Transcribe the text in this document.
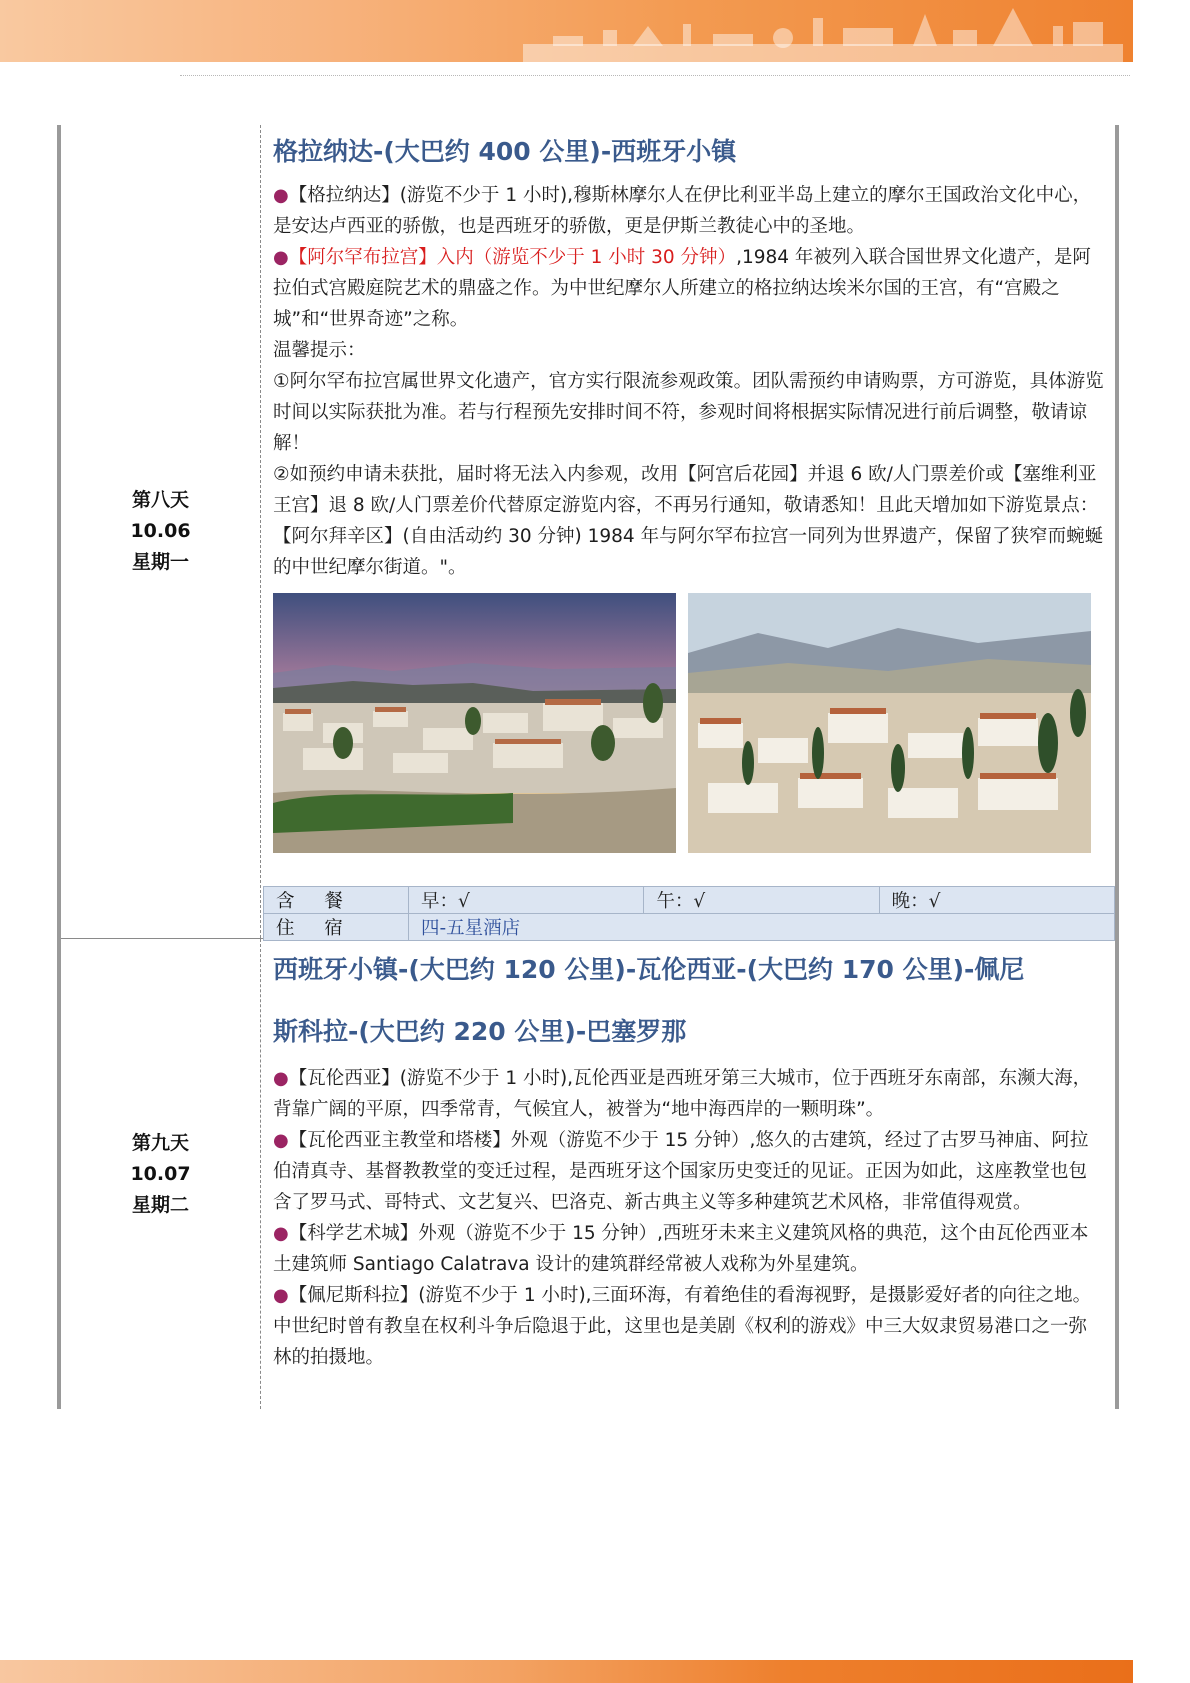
第八天
10.06
星期一
格拉纳达-(大巴约 400 公里)-西班牙小镇

●【格拉纳达】(游览不少于 1 小时),穆斯林摩尔人在伊比利亚半岛上建立的摩尔王国政治文化中心，是安达卢西亚的骄傲，也是西班牙的骄傲，更是伊斯兰教徒心中的圣地。

●【阿尔罕布拉宫】入内（游览不少于 1 小时 30 分钟）,1984 年被列入联合国世界文化遗产，是阿拉伯式宫殿庭院艺术的鼎盛之作。为中世纪摩尔人所建立的格拉纳达埃米尔国的王宫，有“宫殿之城”和“世界奇迹”之称。

温馨提示：

①阿尔罕布拉宫属世界文化遗产，官方实行限流参观政策。团队需预约申请购票，方可游览，具体游览时间以实际获批为准。若与行程预先安排时间不符，参观时间将根据实际情况进行前后调整，敬请谅解！

②如预约申请未获批，届时将无法入内参观，改用【阿宫后花园】并退 6 欧/人门票差价或【塞维利亚王宫】退 8 欧/人门票差价代替原定游览内容，不再另行通知，敬请悉知！且此天增加如下游览景点：【阿尔拜辛区】(自由活动约 30 分钟) 1984 年与阿尔罕布拉宫一同列为世界遗产，保留了狭窄而蜿蜒的中世纪摩尔街道。"。

含 餐	早：√	午：√	晚：√
住 宿	四-五星酒店		
第九天
10.07
星期二
西班牙小镇-(大巴约 120 公里)-瓦伦西亚-(大巴约 170 公里)-佩尼
斯科拉-(大巴约 220 公里)-巴塞罗那

●【瓦伦西亚】(游览不少于 1 小时),瓦伦西亚是西班牙第三大城市，位于西班牙东南部，东濒大海，背靠广阔的平原，四季常青，气候宜人，被誉为“地中海西岸的一颗明珠”。

●【瓦伦西亚主教堂和塔楼】外观（游览不少于 15 分钟）,悠久的古建筑，经过了古罗马神庙、阿拉伯清真寺、基督教教堂的变迁过程，是西班牙这个国家历史变迁的见证。正因为如此，这座教堂也包含了罗马式、哥特式、文艺复兴、巴洛克、新古典主义等多种建筑艺术风格，非常值得观赏。

●【科学艺术城】外观（游览不少于 15 分钟）,西班牙未来主义建筑风格的典范，这个由瓦伦西亚本土建筑师 Santiago Calatrava 设计的建筑群经常被人戏称为外星建筑。

●【佩尼斯科拉】(游览不少于 1 小时),三面环海，有着绝佳的看海视野，是摄影爱好者的向往之地。中世纪时曾有教皇在权利斗争后隐退于此，这里也是美剧《权利的游戏》中三大奴隶贸易港口之一弥林的拍摄地。
